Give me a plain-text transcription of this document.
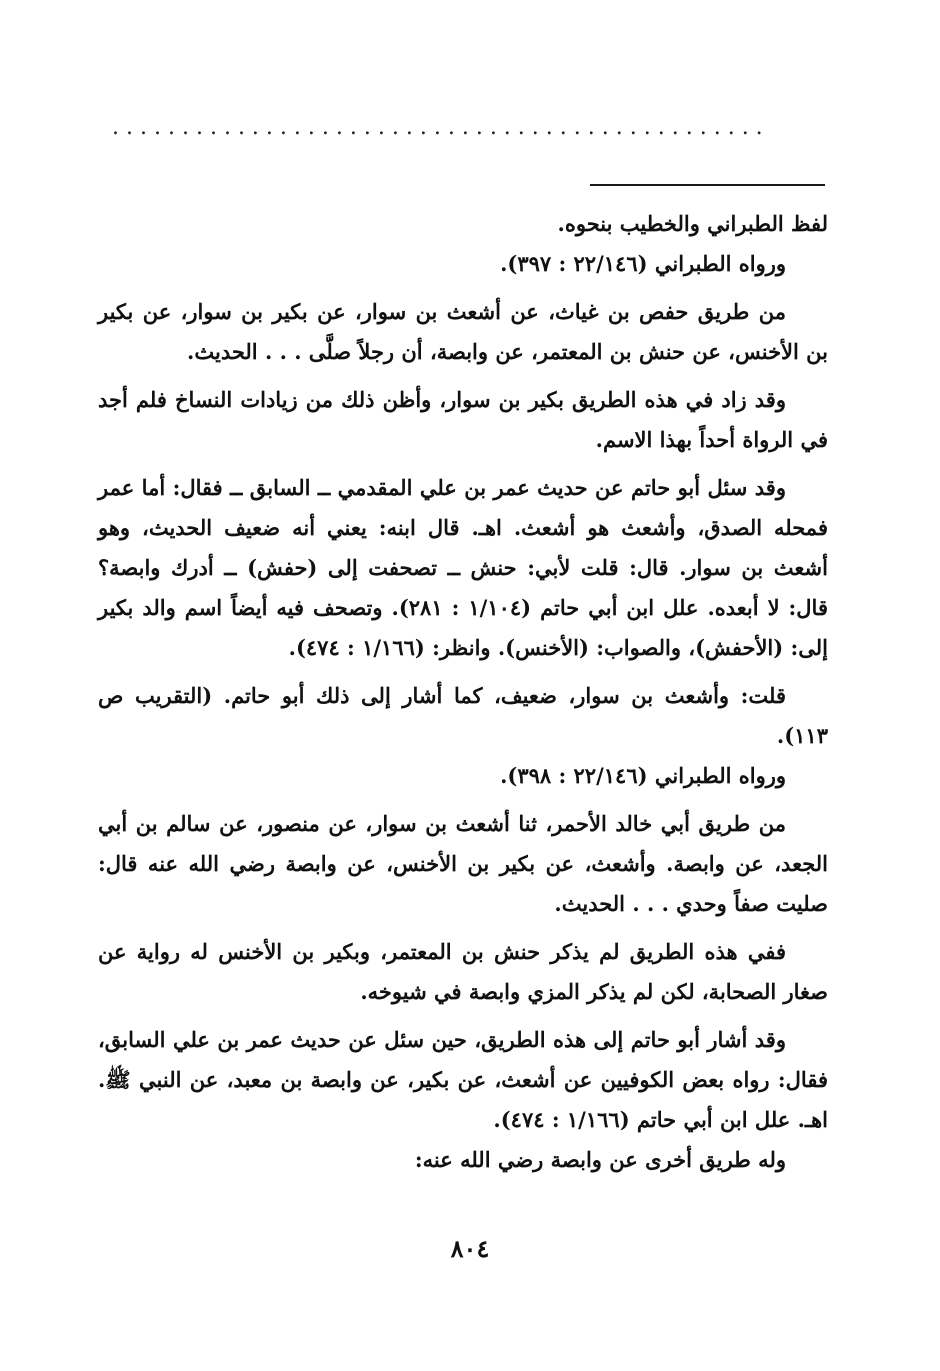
...............................................

لفظ الطبراني والخطيب بنحوه.

ورواه الطبراني (٢٢/١٤٦ : ٣٩٧).

من طريق حفص بن غياث، عن أشعث بن سوار، عن بكير بن سوار، عن بكير بن الأخنس، عن حنش بن المعتمر، عن وابصة، أن رجلاً صلَّى . . . الحديث.

وقد زاد في هذه الطريق بكير بن سوار، وأظن ذلك من زيادات النساخ فلم أجد في الرواة أحداً بهذا الاسم.

وقد سئل أبو حاتم عن حديث عمر بن علي المقدمي ــ السابق ــ فقال: أما عمر فمحله الصدق، وأشعث هو أشعث. اهـ. قال ابنه: يعني أنه ضعيف الحديث، وهو أشعث بن سوار. قال: قلت لأبي: حنش ــ تصحفت إلى (حفش) ــ أدرك وابصة؟ قال: لا أبعده. علل ابن أبي حاتم (١/١٠٤ : ٢٨١). وتصحف فيه أيضاً اسم والد بكير إلى: (الأحفش)، والصواب: (الأخنس). وانظر: (١/١٦٦ : ٤٧٤).

قلت: وأشعث بن سوار، ضعيف، كما أشار إلى ذلك أبو حاتم. (التقريب ص ١١٣).

ورواه الطبراني (٢٢/١٤٦ : ٣٩٨).

من طريق أبي خالد الأحمر، ثنا أشعث بن سوار، عن منصور، عن سالم بن أبي الجعد، عن وابصة. وأشعث، عن بكير بن الأخنس، عن وابصة رضي الله عنه قال: صليت صفاً وحدي . . . الحديث.

ففي هذه الطريق لم يذكر حنش بن المعتمر، وبكير بن الأخنس له رواية عن صغار الصحابة، لكن لم يذكر المزي وابصة في شيوخه.

وقد أشار أبو حاتم إلى هذه الطريق، حين سئل عن حديث عمر بن علي السابق، فقال: رواه بعض الكوفيين عن أشعث، عن بكير، عن وابصة بن معبد، عن النبي ﷺ. اهـ. علل ابن أبي حاتم (١/١٦٦ : ٤٧٤).

وله طريق أخرى عن وابصة رضي الله عنه:

٨٠٤
